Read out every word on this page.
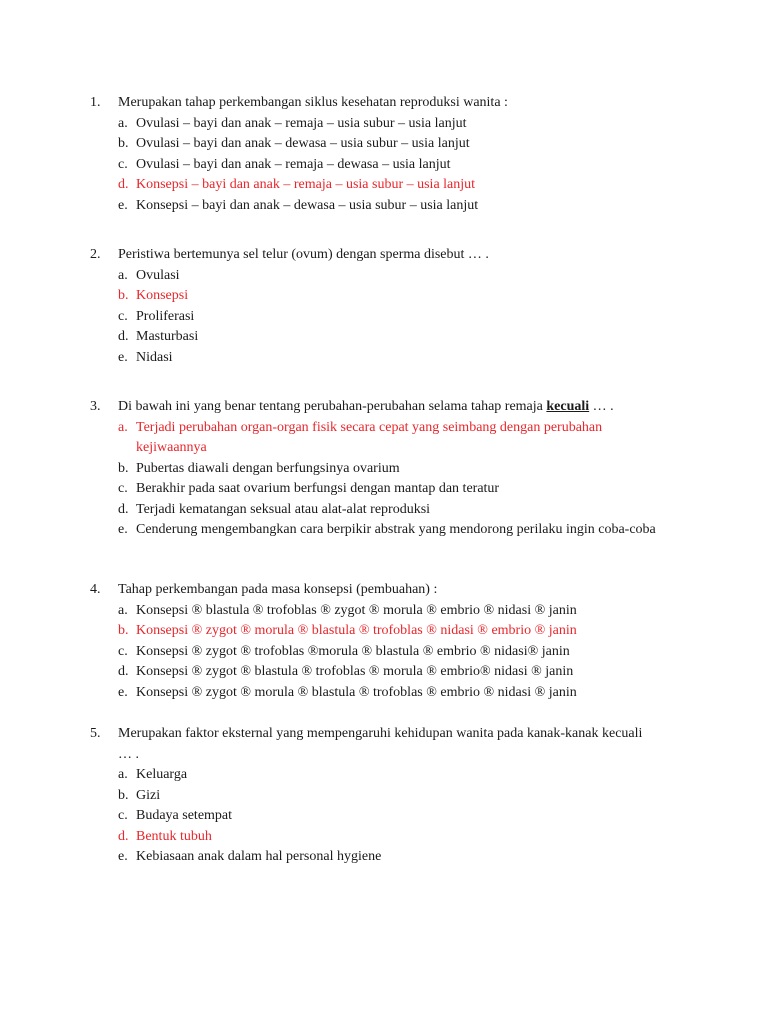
1. Merupakan tahap perkembangan siklus kesehatan reproduksi wanita :
a. Ovulasi – bayi dan anak – remaja – usia subur – usia lanjut
b. Ovulasi – bayi dan anak – dewasa – usia subur – usia lanjut
c. Ovulasi – bayi dan anak – remaja – dewasa – usia lanjut
d. Konsepsi – bayi dan anak – remaja – usia subur – usia lanjut
e. Konsepsi – bayi dan anak – dewasa – usia subur – usia lanjut
2. Peristiwa bertemunya sel telur (ovum) dengan sperma disebut … .
a. Ovulasi
b. Konsepsi
c. Proliferasi
d. Masturbasi
e. Nidasi
3. Di bawah ini yang benar tentang perubahan-perubahan selama tahap remaja kecuali … .
a. Terjadi perubahan organ-organ fisik secara cepat yang seimbang dengan perubahan kejiwaannya
b. Pubertas diawali dengan berfungsinya ovarium
c. Berakhir pada saat ovarium berfungsi dengan mantap dan teratur
d. Terjadi kematangan seksual atau alat-alat reproduksi
e. Cenderung mengembangkan cara berpikir abstrak yang mendorong perilaku ingin coba-coba
4. Tahap perkembangan pada masa konsepsi (pembuahan) :
a. Konsepsi ® blastula ® trofoblas ® zygot ® morula ® embrio ® nidasi ® janin
b. Konsepsi ® zygot ® morula ® blastula ® trofoblas ® nidasi ® embrio ® janin
c. Konsepsi ® zygot ® trofoblas ®morula ® blastula ® embrio ® nidasi® janin
d. Konsepsi ® zygot ® blastula ® trofoblas ® morula ® embrio® nidasi ® janin
e. Konsepsi ® zygot ® morula ® blastula ® trofoblas ® embrio ® nidasi ® janin
5. Merupakan faktor eksternal yang mempengaruhi kehidupan wanita pada kanak-kanak kecuali … .
a. Keluarga
b. Gizi
c. Budaya setempat
d. Bentuk tubuh
e. Kebiasaan anak dalam hal personal hygiene
